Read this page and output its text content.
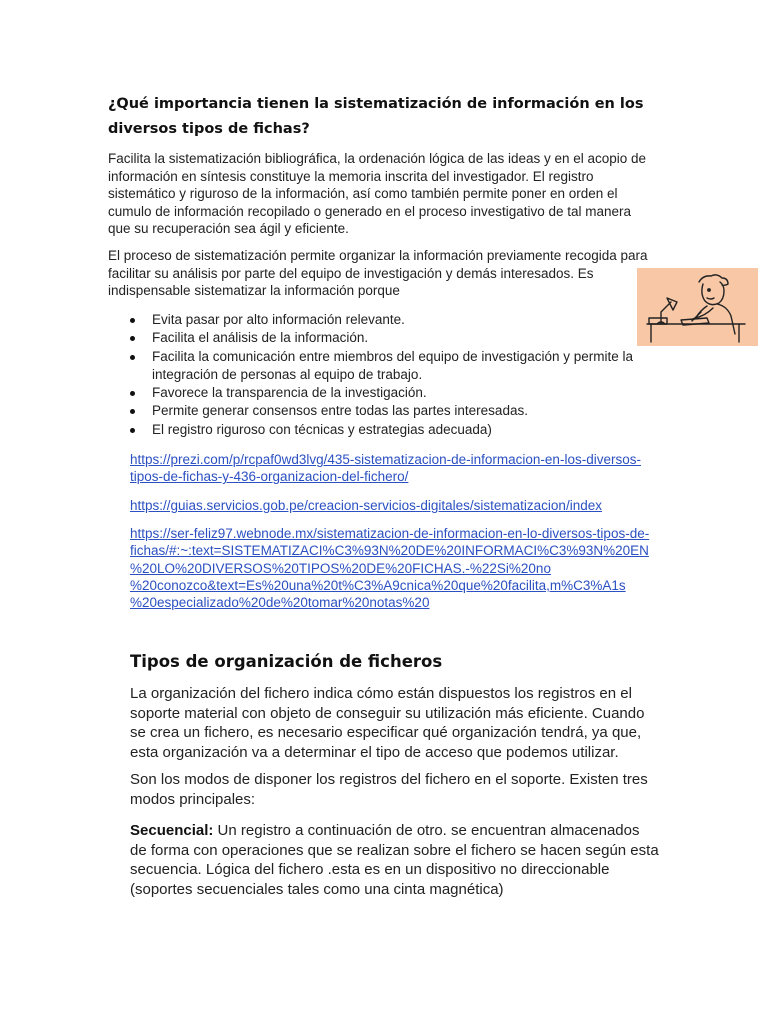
¿Qué importancia tienen la sistematización de información en los
diversos tipos de fichas?
Facilita la sistematización bibliográfica, la ordenación lógica de las ideas y en el acopio de
información en síntesis constituye la memoria inscrita del investigador. El registro
sistemático y riguroso de la información, así como también permite poner en orden el
cumulo de información recopilado o generado en el proceso investigativo de tal manera
que su recuperación sea ágil y eficiente.
El proceso de sistematización permite organizar la información previamente recogida para
facilitar su análisis por parte del equipo de investigación y demás interesados. Es
indispensable sistematizar la información porque
Evita pasar por alto información relevante.
Facilita el análisis de la información.
Facilita la comunicación entre miembros del equipo de investigación y permite la
integración de personas al equipo de trabajo.
Favorece la transparencia de la investigación.
Permite generar consensos entre todas las partes interesadas.
El registro riguroso con técnicas y estrategias adecuada)
https://prezi.com/p/rcpaf0wd3lvg/435-sistematizacion-de-informacion-en-los-diversos-
tipos-de-fichas-y-436-organizacion-del-fichero/
https://guias.servicios.gob.pe/creacion-servicios-digitales/sistematizacion/index
https://ser-feliz97.webnode.mx/sistematizacion-de-informacion-en-lo-diversos-tipos-de-
fichas/#:~:text=SISTEMATIZACI%C3%93N%20DE%20INFORMACI%C3%93N%20EN
%20LO%20DIVERSOS%20TIPOS%20DE%20FICHAS.-%22Si%20no
%20conozco&text=Es%20una%20t%C3%A9cnica%20que%20facilita,m%C3%A1s
%20especializado%20de%20tomar%20notas%20
Tipos de organización de ficheros
La organización del fichero indica cómo están dispuestos los registros en el
soporte material con objeto de conseguir su utilización más eficiente. Cuando
se crea un fichero, es necesario especificar qué organización tendrá, ya que,
esta organización va a determinar el tipo de acceso que podemos utilizar.
Son los modos de disponer los registros del fichero en el soporte. Existen tres
modos principales:
Secuencial: Un registro a continuación de otro. se encuentran almacenados
de forma con operaciones que se realizan sobre el fichero se hacen según esta
secuencia. Lógica del fichero .esta es en un dispositivo no direccionable
(soportes secuenciales tales como una cinta magnética)
